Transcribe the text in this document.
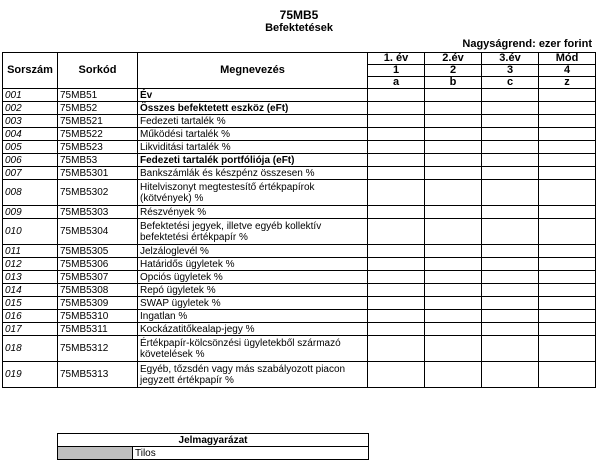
75MB5
Befektetések
Nagyságrend: ezer forint
Sorszám	Sorkód	Megnevezés	1. év	2.év	3.év	Mód
			1	2	3	4
			a	b	c	z
001	75MB51	Év				
002	75MB52	Összes befektetett eszköz (eFt)				
003	75MB521	Fedezeti tartalék %				
004	75MB522	Működési tartalék %				
005	75MB523	Likviditási tartalék %				
006	75MB53	Fedezeti tartalék portfóliója (eFt)				
007	75MB5301	Bankszámlák és készpénz összesen %				
008	75MB5302	Hitelviszonyt megtestesítő értékpapírok (kötvények) %				
009	75MB5303	Részvények %				
010	75MB5304	Befektetési jegyek, illetve egyéb kollektív befektetési értékpapír %				
011	75MB5305	Jelzáloglevél %				
012	75MB5306	Határidős ügyletek %				
013	75MB5307	Opciós ügyletek %				
014	75MB5308	Repó ügyletek %				
015	75MB5309	SWAP ügyletek %				
016	75MB5310	Ingatlan %				
017	75MB5311	Kockázatitőkealap-jegy %				
018	75MB5312	Értékpapír-kölcsönzési ügyletekből származó követelések %				
019	75MB5313	Egyéb, tőzsdén vagy más szabályozott piacon jegyzett értékpapír %				
Jelmagyarázat
	Tilos
